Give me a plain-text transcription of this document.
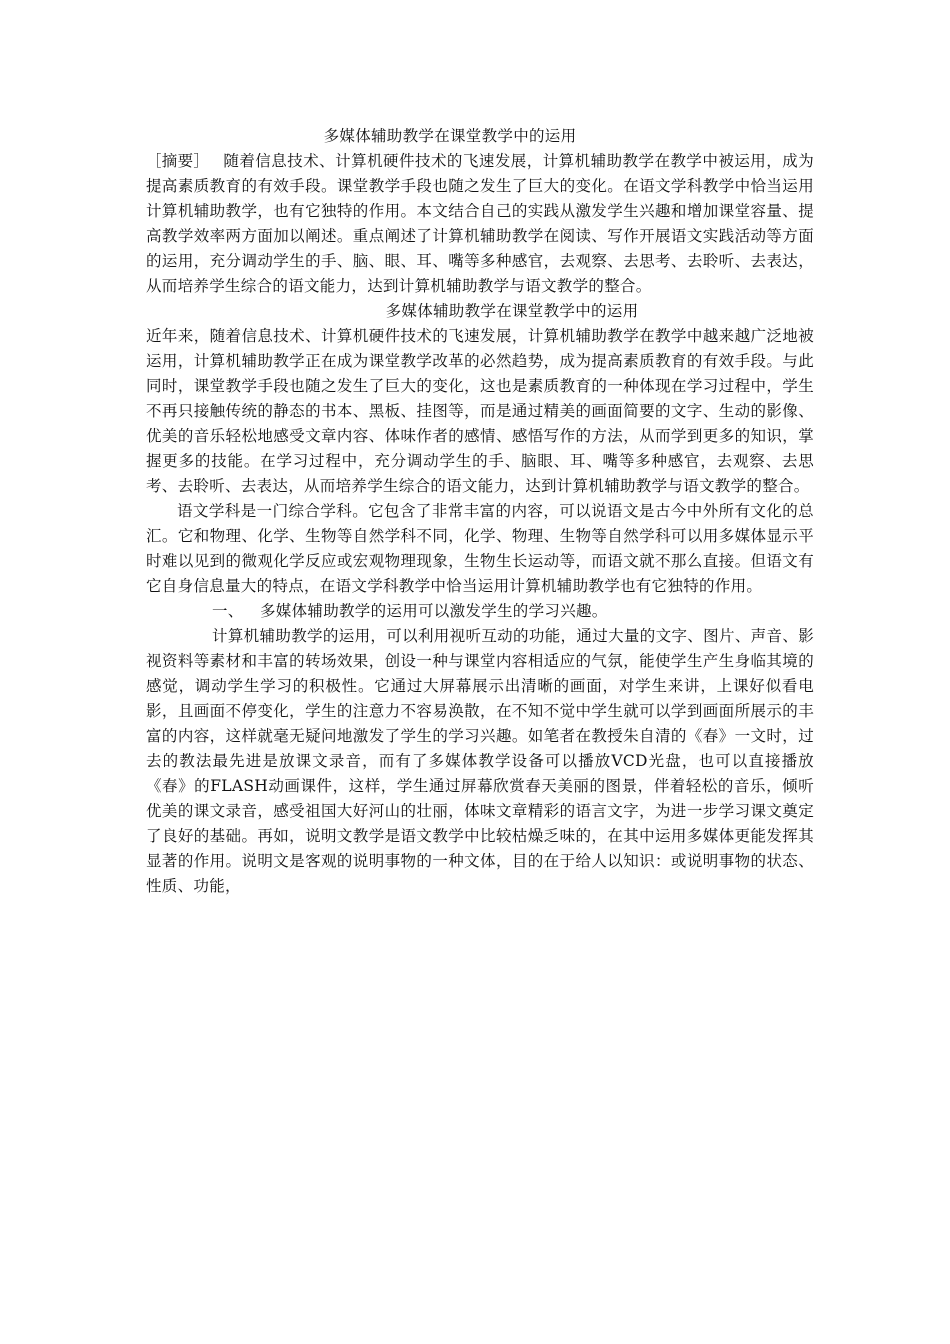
多媒体辅助教学在课堂教学中的运用

［摘要］ 随着信息技术、计算机硬件技术的飞速发展，计算机辅助教学在教学中被运用，成为提高素质教育的有效手段。课堂教学手段也随之发生了巨大的变化。在语文学科教学中恰当运用计算机辅助教学，也有它独特的作用。本文结合自己的实践从激发学生兴趣和增加课堂容量、提高教学效率两方面加以阐述。重点阐述了计算机辅助教学在阅读、写作开展语文实践活动等方面的运用，充分调动学生的手、脑、眼、耳、嘴等多种感官，去观察、去思考、去聆听、去表达，从而培养学生综合的语文能力，达到计算机辅助教学与语文教学的整合。

多媒体辅助教学在课堂教学中的运用

近年来，随着信息技术、计算机硬件技术的飞速发展，计算机辅助教学在教学中越来越广泛地被运用，计算机辅助教学正在成为课堂教学改革的必然趋势，成为提高素质教育的有效手段。与此同时，课堂教学手段也随之发生了巨大的变化，这也是素质教育的一种体现在学习过程中，学生不再只接触传统的静态的书本、黑板、挂图等，而是通过精美的画面简要的文字、生动的影像、优美的音乐轻松地感受文章内容、体味作者的感情、感悟写作的方法，从而学到更多的知识，掌握更多的技能。在学习过程中，充分调动学生的手、脑眼、耳、嘴等多种感官，去观察、去思考、去聆听、去表达，从而培养学生综合的语文能力，达到计算机辅助教学与语文教学的整合。

语文学科是一门综合学科。它包含了非常丰富的内容，可以说语文是古今中外所有文化的总汇。它和物理、化学、生物等自然学科不同，化学、物理、生物等自然学科可以用多媒体显示平时难以见到的微观化学反应或宏观物理现象，生物生长运动等，而语文就不那么直接。但语文有它自身信息量大的特点，在语文学科教学中恰当运用计算机辅助教学也有它独特的作用。

一、 多媒体辅助教学的运用可以激发学生的学习兴趣。

计算机辅助教学的运用，可以利用视听互动的功能，通过大量的文字、图片、声音、影视资料等素材和丰富的转场效果，创设一种与课堂内容相适应的气氛，能使学生产生身临其境的感觉，调动学生学习的积极性。它通过大屏幕展示出清晰的画面，对学生来讲，上课好似看电影，且画面不停变化，学生的注意力不容易涣散，在不知不觉中学生就可以学到画面所展示的丰富的内容，这样就毫无疑问地激发了学生的学习兴趣。如笔者在教授朱自清的《春》一文时，过去的教法最先进是放课文录音，而有了多媒体教学设备可以播放VCD光盘，也可以直接播放《春》的FLASH动画课件，这样，学生通过屏幕欣赏春天美丽的图景，伴着轻松的音乐，倾听优美的课文录音，感受祖国大好河山的壮丽，体味文章精彩的语言文字，为进一步学习课文奠定了良好的基础。再如，说明文教学是语文教学中比较枯燥乏味的，在其中运用多媒体更能发挥其显著的作用。说明文是客观的说明事物的一种文体，目的在于给人以知识：或说明事物的状态、性质、功能，
